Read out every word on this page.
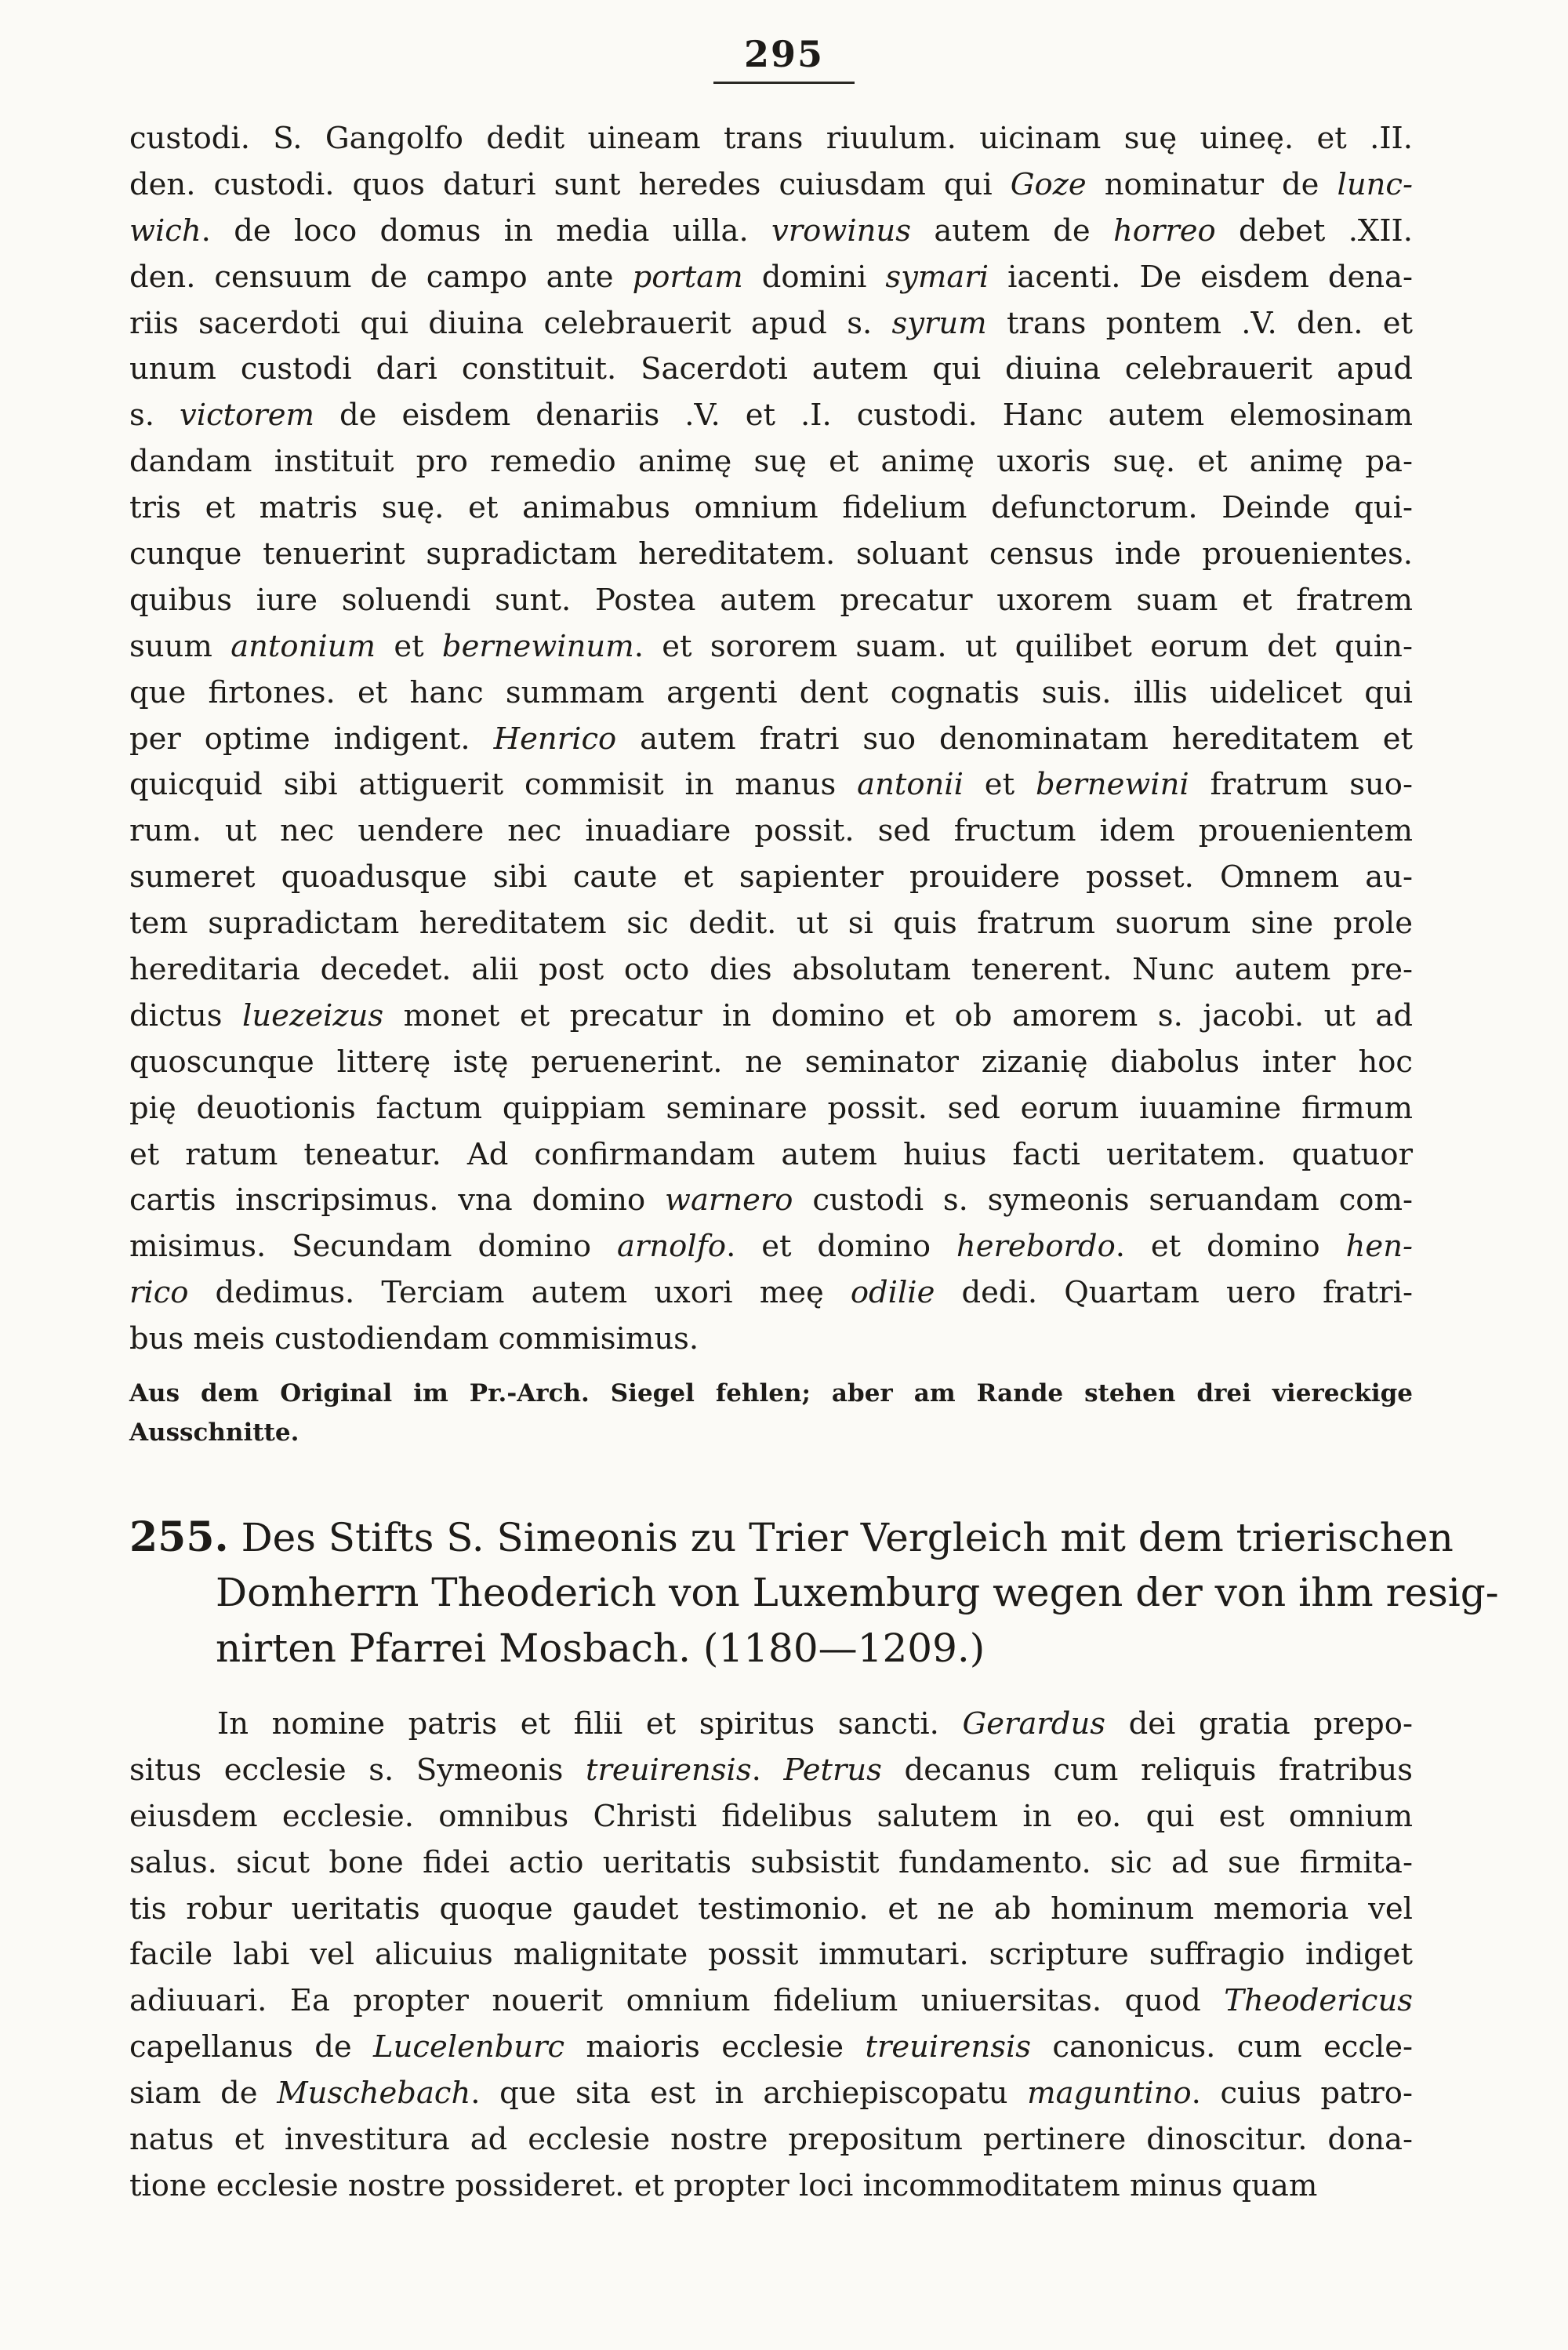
295
custodi. S. Gangolfo dedit uineam trans riuulum. uicinam suę uineę. et .II.
den. custodi. quos daturi sunt heredes cuiusdam qui Goze nominatur de lunc-
wich. de loco domus in media uilla. vrowinus autem de horreo debet .XII.
den. censuum de campo ante portam domini symari iacenti. De eisdem dena-
riis sacerdoti qui diuina celebrauerit apud s. syrum trans pontem .V. den. et
unum custodi dari constituit. Sacerdoti autem qui diuina celebrauerit apud
s. victorem de eisdem denariis .V. et .I. custodi. Hanc autem elemosinam
dandam instituit pro remedio animę suę et animę uxoris suę. et animę pa-
tris et matris suę. et animabus omnium fidelium defunctorum. Deinde qui-
cunque tenuerint supradictam hereditatem. soluant census inde prouenientes.
quibus iure soluendi sunt. Postea autem precatur uxorem suam et fratrem
suum antonium et bernewinum. et sororem suam. ut quilibet eorum det quin-
que firtones. et hanc summam argenti dent cognatis suis. illis uidelicet qui
per optime indigent. Henrico autem fratri suo denominatam hereditatem et
quicquid sibi attiguerit commisit in manus antonii et bernewini fratrum suo-
rum. ut nec uendere nec inuadiare possit. sed fructum idem prouenientem
sumeret quoadusque sibi caute et sapienter prouidere posset. Omnem au-
tem supradictam hereditatem sic dedit. ut si quis fratrum suorum sine prole
hereditaria decedet. alii post octo dies absolutam tenerent. Nunc autem pre-
dictus luezeizus monet et precatur in domino et ob amorem s. jacobi. ut ad
quoscunque litterę istę peruenerint. ne seminator zizanię diabolus inter hoc
pię deuotionis factum quippiam seminare possit. sed eorum iuuamine firmum
et ratum teneatur. Ad confirmandam autem huius facti ueritatem. quatuor
cartis inscripsimus. vna domino warnero custodi s. symeonis seruandam com-
misimus. Secundam domino arnolfo. et domino herebordo. et domino hen-
rico dedimus. Terciam autem uxori meę odilie dedi. Quartam uero fratri-
bus meis custodiendam commisimus.
Aus dem Original im Pr.-Arch. Siegel fehlen; aber am Rande stehen drei viereckige
Ausschnitte.
255. Des Stifts S. Simeonis zu Trier Vergleich mit dem trierischen
Domherrn Theoderich von Luxemburg wegen der von ihm resig-
nirten Pfarrei Mosbach. (1180—1209.)
In nomine patris et filii et spiritus sancti. Gerardus dei gratia prepo-
situs ecclesie s. Symeonis treuirensis. Petrus decanus cum reliquis fratribus
eiusdem ecclesie. omnibus Christi fidelibus salutem in eo. qui est omnium
salus. sicut bone fidei actio ueritatis subsistit fundamento. sic ad sue firmita-
tis robur ueritatis quoque gaudet testimonio. et ne ab hominum memoria vel
facile labi vel alicuius malignitate possit immutari. scripture suffragio indiget
adiuuari. Ea propter nouerit omnium fidelium uniuersitas. quod Theodericus
capellanus de Lucelenburc maioris ecclesie treuirensis canonicus. cum eccle-
siam de Muschebach. que sita est in archiepiscopatu maguntino. cuius patro-
natus et investitura ad ecclesie nostre prepositum pertinere dinoscitur. dona-
tione ecclesie nostre possideret. et propter loci incommoditatem minus quam
